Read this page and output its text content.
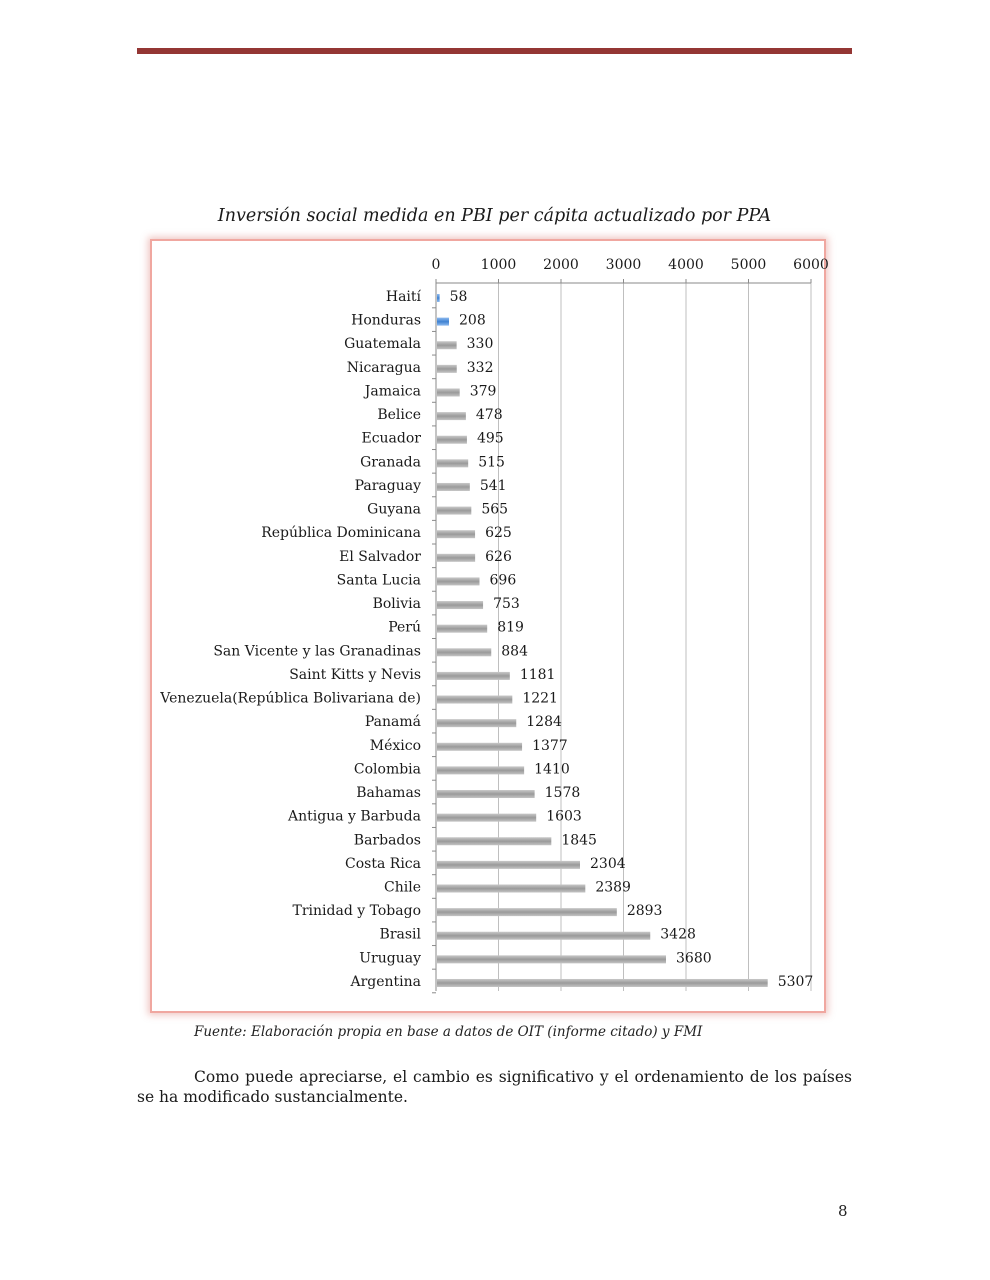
Inversión social medida en PBI per cápita actualizado por PPA
0	1000 2000 3000 4000 5000 6000
Haití 58
Honduras	208
Guatemala	330
Nicaragua	332
Jamaica	379
Belice	478
Ecuador	495
Granada	515
Paraguay	541
Guyana	565
República Dominicana	625
El Salvador	626
Santa Lucia	696
Bolivia	753
Perú	819
San Vicente y las Granadinas	884
Saint Kitts y Nevis	1181
Venezuela(República Bolivariana de)	1221
Panamá	1284
México	1377
Colombia	1410
Bahamas	1578
Antigua y Barbuda	1603
Barbados	1845
Costa Rica	2304
Chile	2389
Trinidad y Tobago	2893
Brasil	3428
Uruguay	3680
Argentina	5307
Fuente: Elaboración propia en base a datos de OIT (informe citado) y FMI
Como puede apreciarse, el cambio es significativo y el ordenamiento de los países se ha modificado sustancialmente.
8
